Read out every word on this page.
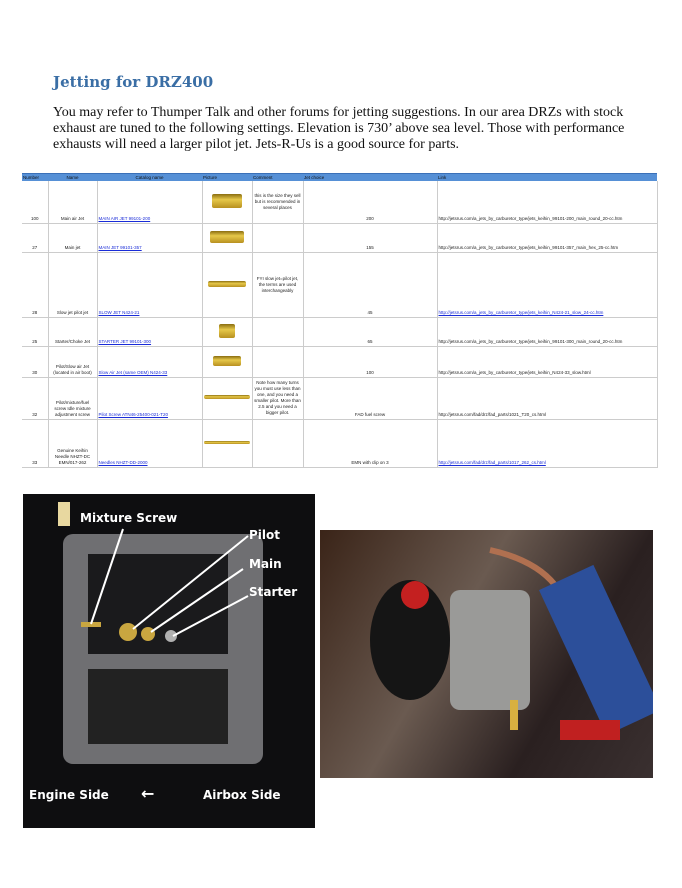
Jetting for DRZ400
You may refer to Thumper Talk and other forums for jetting suggestions. In our area DRZs with stock exhaust are tuned to the following settings. Elevation is 730’ above sea level. Those with performance exhausts will need a larger pilot jet. Jets-R-Us is a good source for parts.
Number	Name	Catalog name	Picture	Comment	Jet choice	Link
100	Main air Jet	MAIN AIR JET 99101-200		this is the size they sell but is recommended in several places	200	http://jetsrus.com/a_jets_by_carburetor_type/jets_keihin_99101-200_main_round_20-cc.htm
27	Main jet	MAIN JET 99101-357			155	http://jetsrus.com/a_jets_by_carburetor_type/jets_keihin_99101-357_main_hex_25-cc.htm
28	Slow jet pilot jet	SLOW JET N424-21		FYI slow jet=pilot jet, the terms are used interchangeably	45	http://jetsrus.com/a_jets_by_carburetor_type/jets_keihin_N424-21_slow_24-cc.htm
25	Starter/Choke Jet	STARTER JET 99101-300			65	http://jetsrus.com/a_jets_by_carburetor_type/jets_keihin_99101-300_main_round_20-cc.htm
30	Pilot/Slow air Jet (located in air boot)	Slow Air Jet (same OEM) N424-33			100	http://jetsrus.com/a_jets_by_carburetor_type/jets_keihin_N424-33_slow.html
32	Pilot/mixture/fuel screw Idle mixture adjustment screw	Pilot Screw ATN46-25400-021-T20		Note how many turns you must use less than one, and you need a smaller pilot. More than 2.5 and you need a bigger pilot.	FAD fuel screw	http://jetsrus.com/fad/drz/fad_parts/1021_T20_cs.html
33	Genuine Keihin Needle NHZT-DC EMN/017-262	Needles NHZT-DD-2000			EMN with clip on 3	http://jetsrus.com/fad/drz/fad_parts/1017_262_cs.html
Mixture Screw
Pilot
Main
Starter
Engine Side ←	Airbox Side
